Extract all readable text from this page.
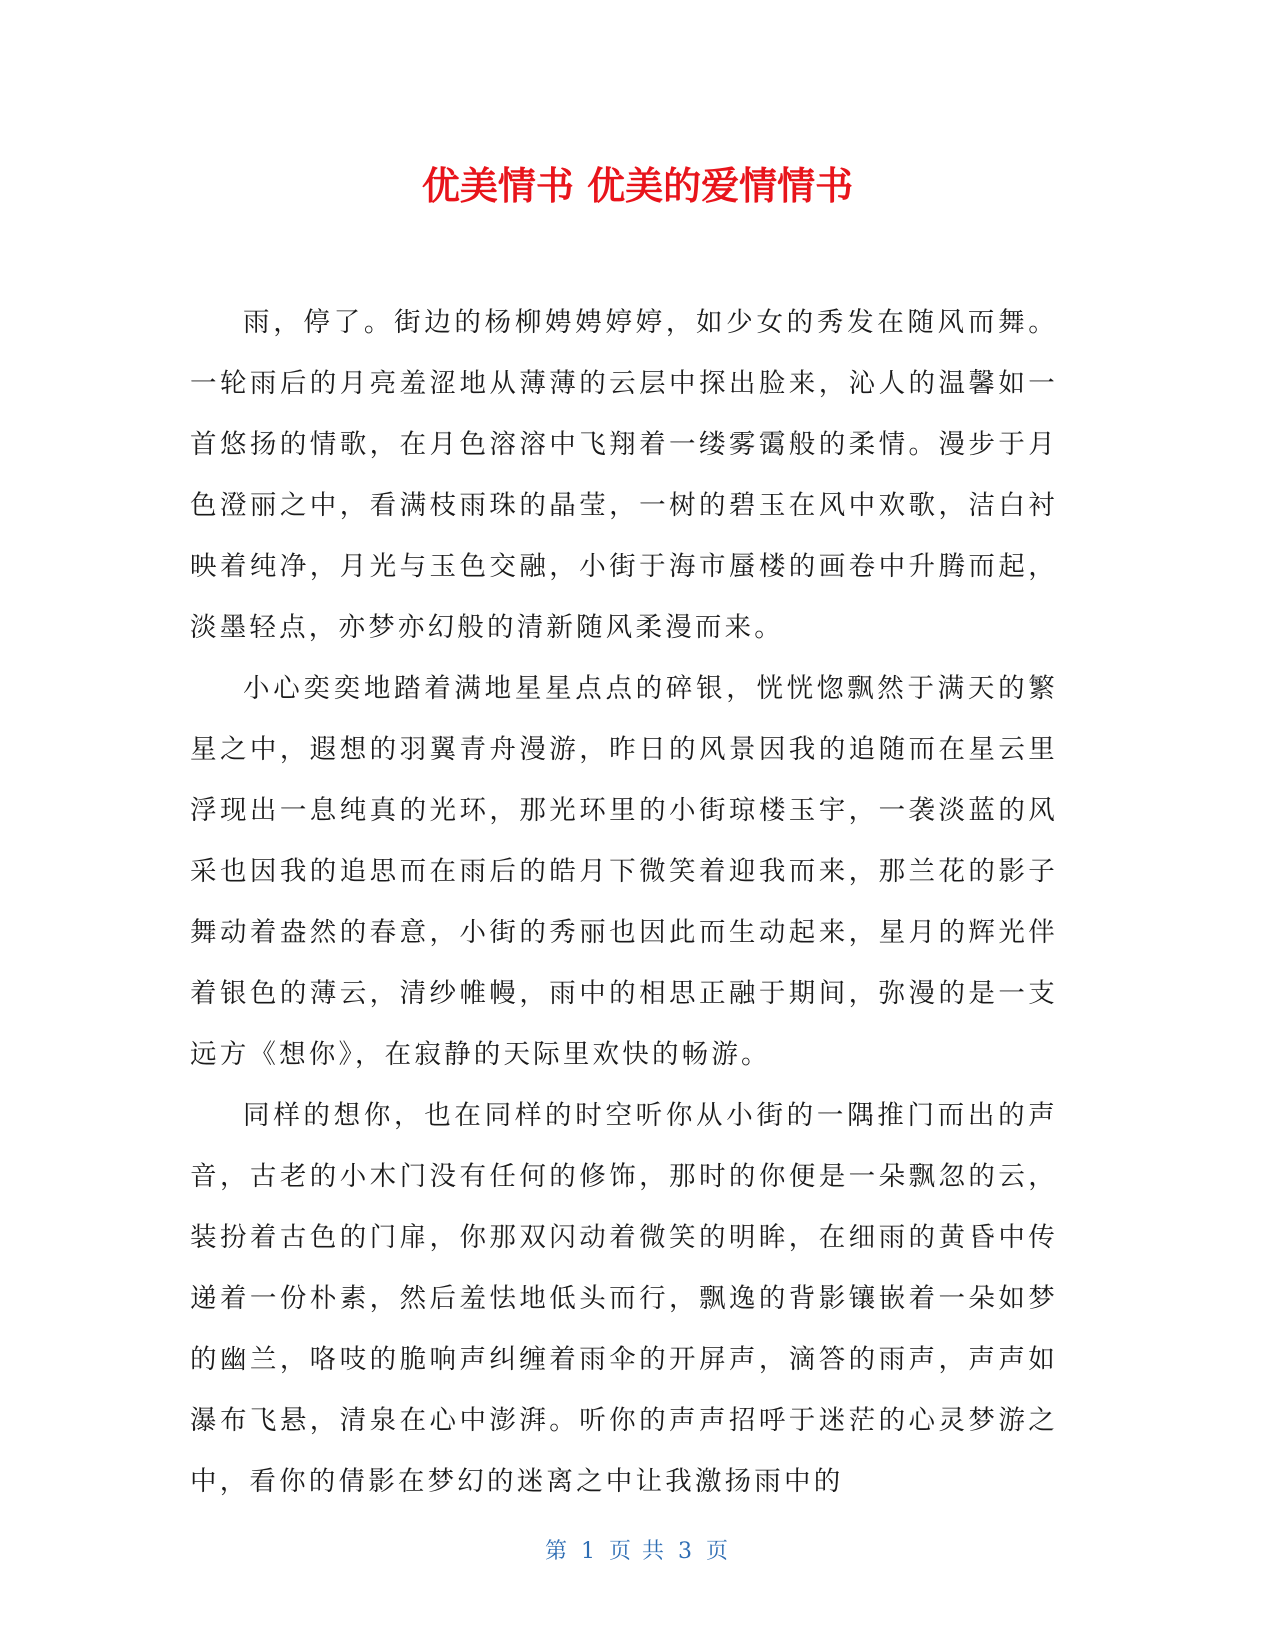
优美情书 优美的爱情情书

雨，停了。街边的杨柳娉娉婷婷，如少女的秀发在随风而舞。一轮雨后的月亮羞涩地从薄薄的云层中探出脸来，沁人的温馨如一首悠扬的情歌，在月色溶溶中飞翔着一缕雾霭般的柔情。漫步于月色澄丽之中，看满枝雨珠的晶莹，一树的碧玉在风中欢歌，洁白衬映着纯净，月光与玉色交融，小街于海市蜃楼的画卷中升腾而起，淡墨轻点，亦梦亦幻般的清新随风柔漫而来。

小心奕奕地踏着满地星星点点的碎银，恍恍惚飘然于满天的繁星之中，遐想的羽翼青舟漫游，昨日的风景因我的追随而在星云里浮现出一息纯真的光环，那光环里的小街琼楼玉宇，一袭淡蓝的风采也因我的追思而在雨后的皓月下微笑着迎我而来，那兰花的影子舞动着盎然的春意，小街的秀丽也因此而生动起来，星月的辉光伴着银色的薄云，清纱帷幔，雨中的相思正融于期间，弥漫的是一支远方《想你》，在寂静的天际里欢快的畅游。

同样的想你，也在同样的时空听你从小街的一隅推门而出的声音，古老的小木门没有任何的修饰，那时的你便是一朵飘忽的云，装扮着古色的门扉，你那双闪动着微笑的明眸，在细雨的黄昏中传递着一份朴素，然后羞怯地低头而行，飘逸的背影镶嵌着一朵如梦的幽兰，咯吱的脆响声纠缠着雨伞的开屏声，滴答的雨声，声声如瀑布飞悬，清泉在心中澎湃。听你的声声招呼于迷茫的心灵梦游之中，看你的倩影在梦幻的迷离之中让我激扬雨中的

第 1 页 共 3 页
